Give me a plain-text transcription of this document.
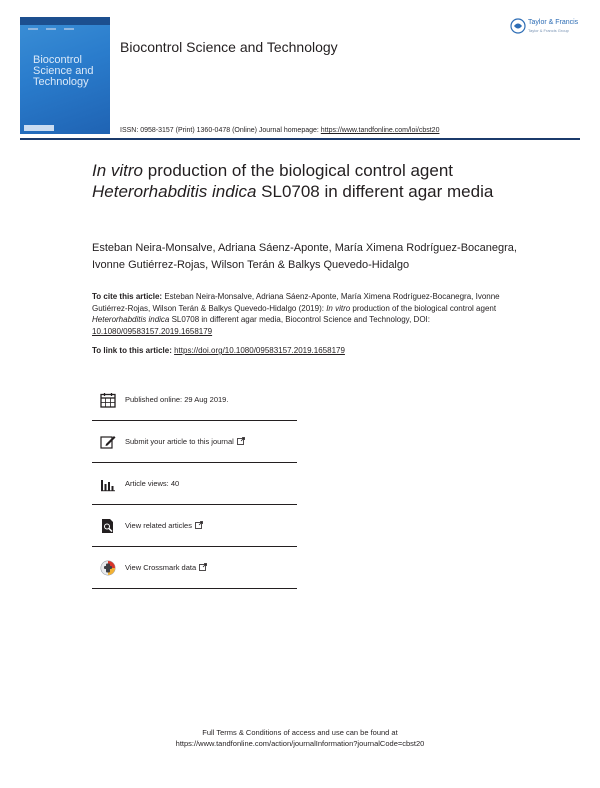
Biocontrol
Science and
Technology
Biocontrol Science and Technology
Taylor & Francis
Taylor & Francis Group
ISSN: 0958-3157 (Print) 1360-0478 (Online) Journal homepage: https://www.tandfonline.com/loi/cbst20
In vitro production of the biological control agent
Heterorhabditis indica SL0708 in different agar media
Esteban Neira-Monsalve, Adriana Sáenz-Aponte, María Ximena Rodríguez-Bocanegra, Ivonne Gutiérrez-Rojas, Wilson Terán & Balkys Quevedo-Hidalgo
To cite this article: Esteban Neira-Monsalve, Adriana Sáenz-Aponte, María Ximena Rodríguez-Bocanegra, Ivonne Gutiérrez-Rojas, Wilson Terán & Balkys Quevedo-Hidalgo (2019): In vitro production of the biological control agent Heterorhabditis indica SL0708 in different agar media, Biocontrol Science and Technology, DOI: 10.1080/09583157.2019.1658179
To link to this article: https://doi.org/10.1080/09583157.2019.1658179
Published online: 29 Aug 2019.
Submit your article to this journal
Article views: 40
View related articles
View Crossmark data
Full Terms & Conditions of access and use can be found at
https://www.tandfonline.com/action/journalInformation?journalCode=cbst20
